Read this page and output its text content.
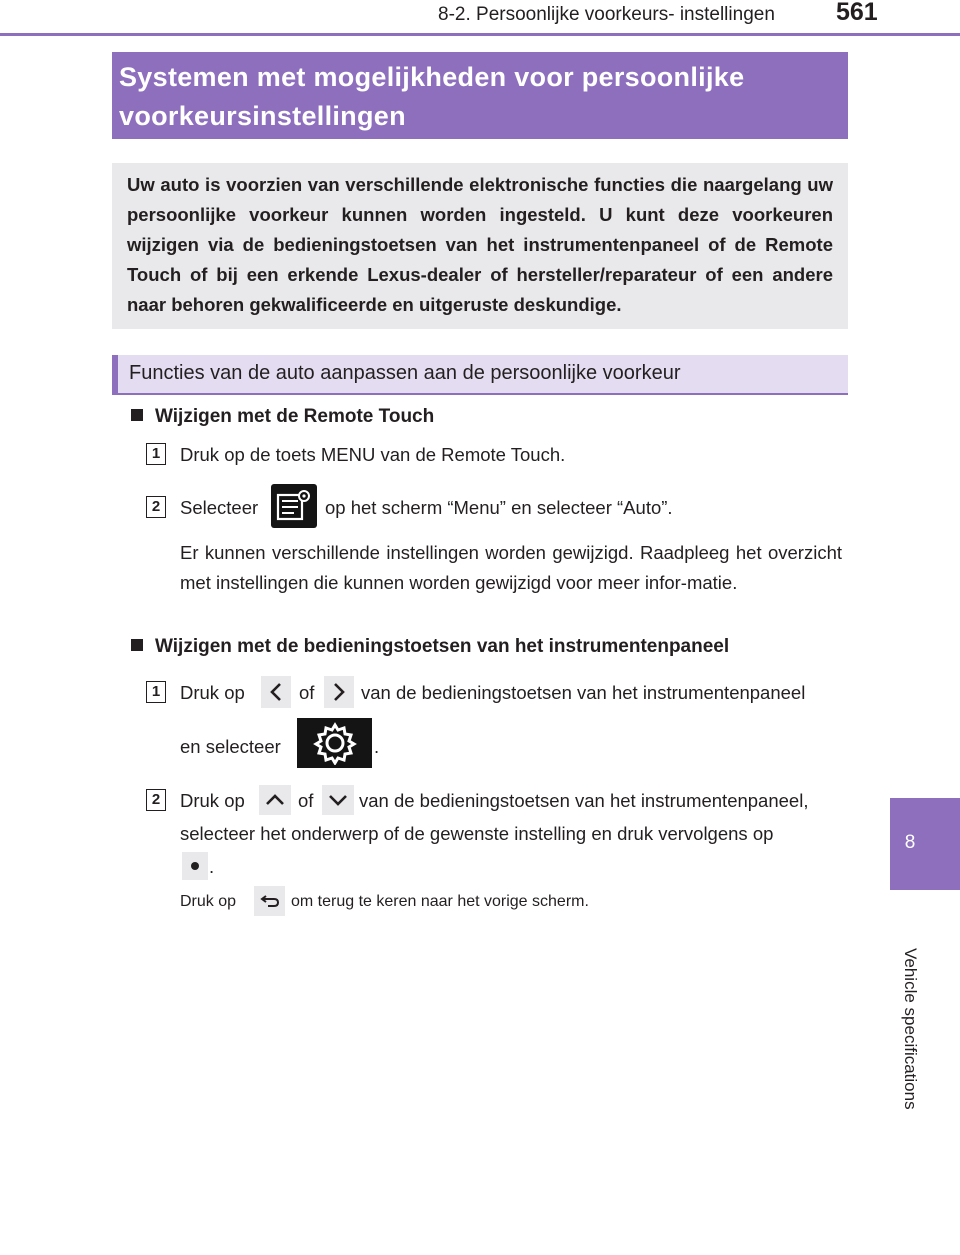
8-2. Persoonlijke voorkeurs- instellingen 561
8
Vehicle specifications
Systemen met mogelijkheden voor persoonlijke voorkeursinstellingen
Uw auto is voorzien van verschillende elektronische functies die naargelang uw persoonlijke voorkeur kunnen worden ingesteld. U kunt deze voorkeuren wijzigen via de bedieningstoetsen van het instrumentenpaneel of de Remote Touch of bij een erkende Lexus-dealer of hersteller/reparateur of een andere naar behoren gekwalificeerde en uitgeruste deskundige.
Functies van de auto aanpassen aan de persoonlijke voorkeur
Wijzigen met de Remote Touch
1	Druk op de toets MENU van de Remote Touch.
2	Selecteer	op het scherm “Menu” en selecteer “Auto”.
Er kunnen verschillende instellingen worden gewijzigd. Raadpleeg het overzicht met instellingen die kunnen worden gewijzigd voor meer infor-matie.
Wijzigen met de bedieningstoetsen van het instrumentenpaneel
1	Druk op	of	van de bedieningstoetsen van het instrumentenpaneel
en selecteer	.
2	Druk op	of van de bedieningstoetsen van het instrumentenpaneel,
selecteer het onderwerp of de gewenste instelling en druk vervolgens op
.
Druk op	om terug te keren naar het vorige scherm.
